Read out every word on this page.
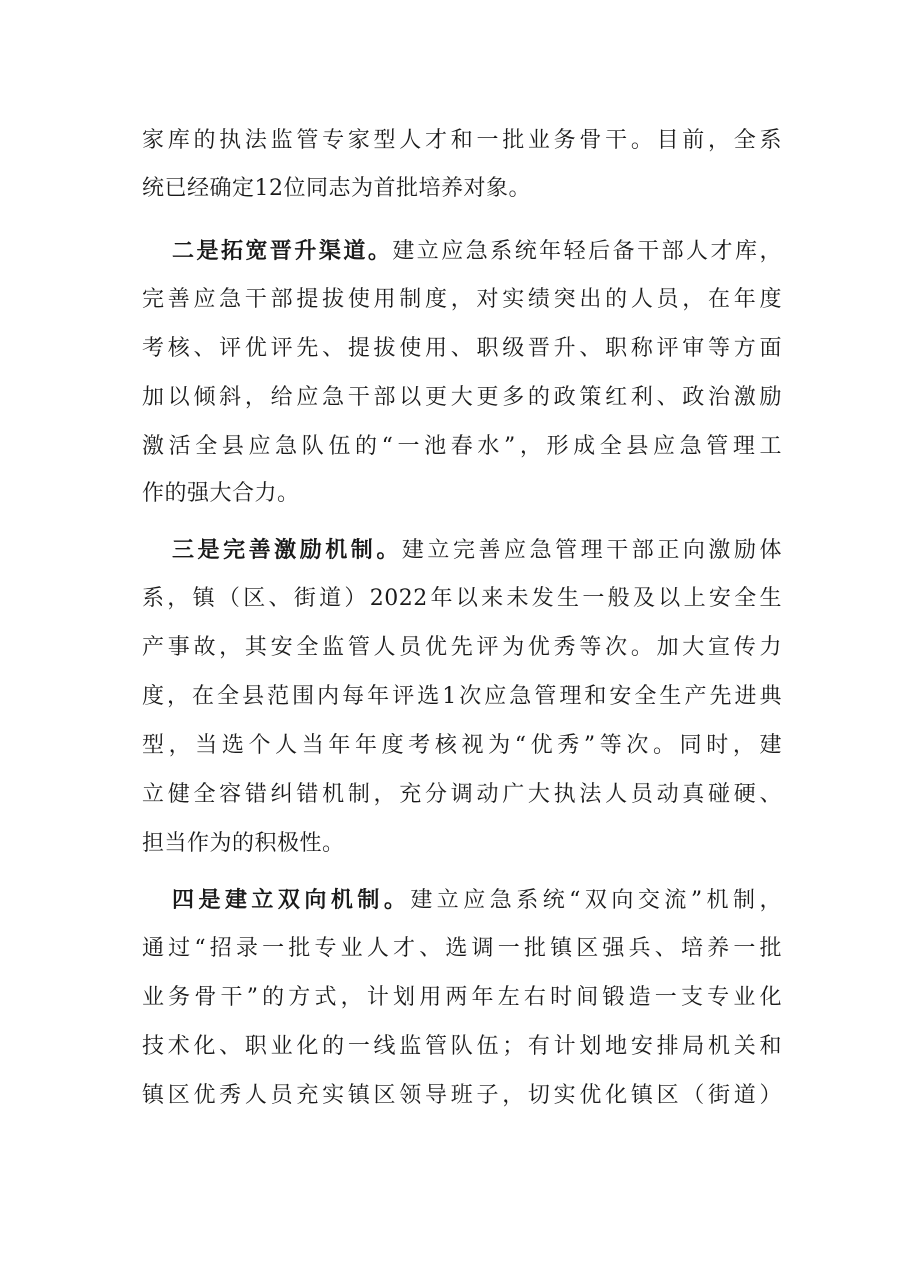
家库的执法监管专家型人才和一批业务骨干。目前，全系
统已经确定12位同志为首批培养对象。
二是拓宽晋升渠道。建立应急系统年轻后备干部人才库，
完善应急干部提拔使用制度，对实绩突出的人员，在年度
考核、评优评先、提拔使用、职级晋升、职称评审等方面
加以倾斜，给应急干部以更大更多的政策红利、政治激励
激活全县应急队伍的“一池春水”，形成全县应急管理工
作的强大合力。
三是完善激励机制。建立完善应急管理干部正向激励体
系，镇（区、街道）2022年以来未发生一般及以上安全生
产事故，其安全监管人员优先评为优秀等次。加大宣传力
度，在全县范围内每年评选1次应急管理和安全生产先进典
型，当选个人当年年度考核视为“优秀”等次。同时，建
立健全容错纠错机制，充分调动广大执法人员动真碰硬、
担当作为的积极性。
四是建立双向机制。建立应急系统“双向交流”机制，
通过“招录一批专业人才、选调一批镇区强兵、培养一批
业务骨干”的方式，计划用两年左右时间锻造一支专业化
技术化、职业化的一线监管队伍；有计划地安排局机关和
镇区优秀人员充实镇区领导班子，切实优化镇区（街道）
